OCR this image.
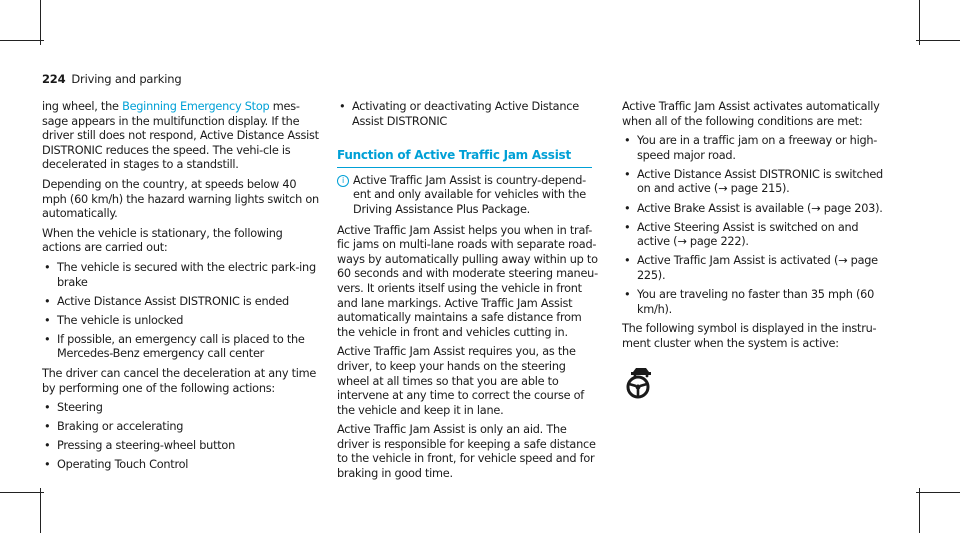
224 Driving and parking

ing wheel, the Beginning Emergency Stop mes-sage appears in the multifunction display. If the driver still does not respond, Active Distance Assist DISTRONIC reduces the speed. The vehi-cle is decelerated in stages to a standstill.

Depending on the country, at speeds below 40 mph (60 km/h) the hazard warning lights switch on automatically.

When the vehicle is stationary, the following actions are carried out:

• The vehicle is secured with the electric park-ing brake
• Active Distance Assist DISTRONIC is ended
• The vehicle is unlocked
• If possible, an emergency call is placed to the Mercedes-Benz emergency call center

The driver can cancel the deceleration at any time by performing one of the following actions:

• Steering
• Braking or accelerating
• Pressing a steering-wheel button
• Operating Touch Control
• Activating or deactivating Active Distance Assist DISTRONIC
Function of Active Traffic Jam Assist
i Active Traffic Jam Assist is country-depend-ent and only available for vehicles with the Driving Assistance Plus Package.

Active Traffic Jam Assist helps you when in traf-fic jams on multi-lane roads with separate road-ways by automatically pulling away within up to 60 seconds and with moderate steering maneu-vers. It orients itself using the vehicle in front and lane markings. Active Traffic Jam Assist automatically maintains a safe distance from the vehicle in front and vehicles cutting in.

Active Traffic Jam Assist requires you, as the driver, to keep your hands on the steering wheel at all times so that you are able to intervene at any time to correct the course of the vehicle and keep it in lane.

Active Traffic Jam Assist is only an aid. The driver is responsible for keeping a safe distance to the vehicle in front, for vehicle speed and for braking in good time.

Active Traffic Jam Assist activates automatically when all of the following conditions are met:

• You are in a traffic jam on a freeway or high-speed major road.
• Active Distance Assist DISTRONIC is switched on and active (→ page 215).
• Active Brake Assist is available (→ page 203).
• Active Steering Assist is switched on and active (→ page 222).
• Active Traffic Jam Assist is activated (→ page 225).
• You are traveling no faster than 35 mph (60 km/h).

The following symbol is displayed in the instru-ment cluster when the system is active:
